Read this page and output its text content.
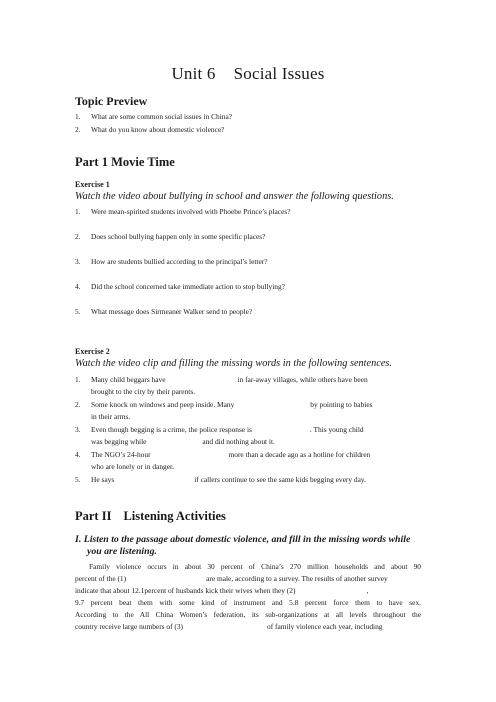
Unit 6 Social Issues
Topic Preview
1. What are some common social issues in China?
2. What do you know about domestic violence?
Part 1 Movie Time
Exercise 1
Watch the video about bullying in school and answer the following questions.
1. Were mean-spirited students involved with Phoebe Prince’s places?
2. Does school bullying happen only in some specific places?
3. How are students bullied according to the principal’s letter?
4. Did the school concerned take immediate action to stop bullying?
5. What message does Sirmeaner Walker send to people?
Exercise 2
Watch the video clip and filling the missing words in the following sentences.
1. Many child beggars have	in far-away villages, while others have been
brought to the city by their parents.
2. Some knock on windows and peep inside. Many	by pointing to babies
in their arms.
3. Even though begging is a crime, the police response is	. This young child
was begging while	and did nothing about it.
4. The NGO’s 24-hour	more than a decade ago as a hotline for children
who are lonely or in danger.
5. He says	if callers continue to see the same kids begging every day.
Part II Listening Activities
I. Listen to the passage about domestic violence, and fill in the missing words while
you are listening.
Family violence occurs in about 30 percent of China’s 270 million households and about 90
percent of the (1)	are male, according to a survey. The results of another survey
indicate that about 12.1percent of husbands kick their wives when they (2)	,
9.7 percent beat them with some kind of instrument and 5.8 percent force them to have sex.
According to the All China Women’s federation, its sub-organizations at all levels throughout the
country receive large numbers of (3)	of family violence each year, including
